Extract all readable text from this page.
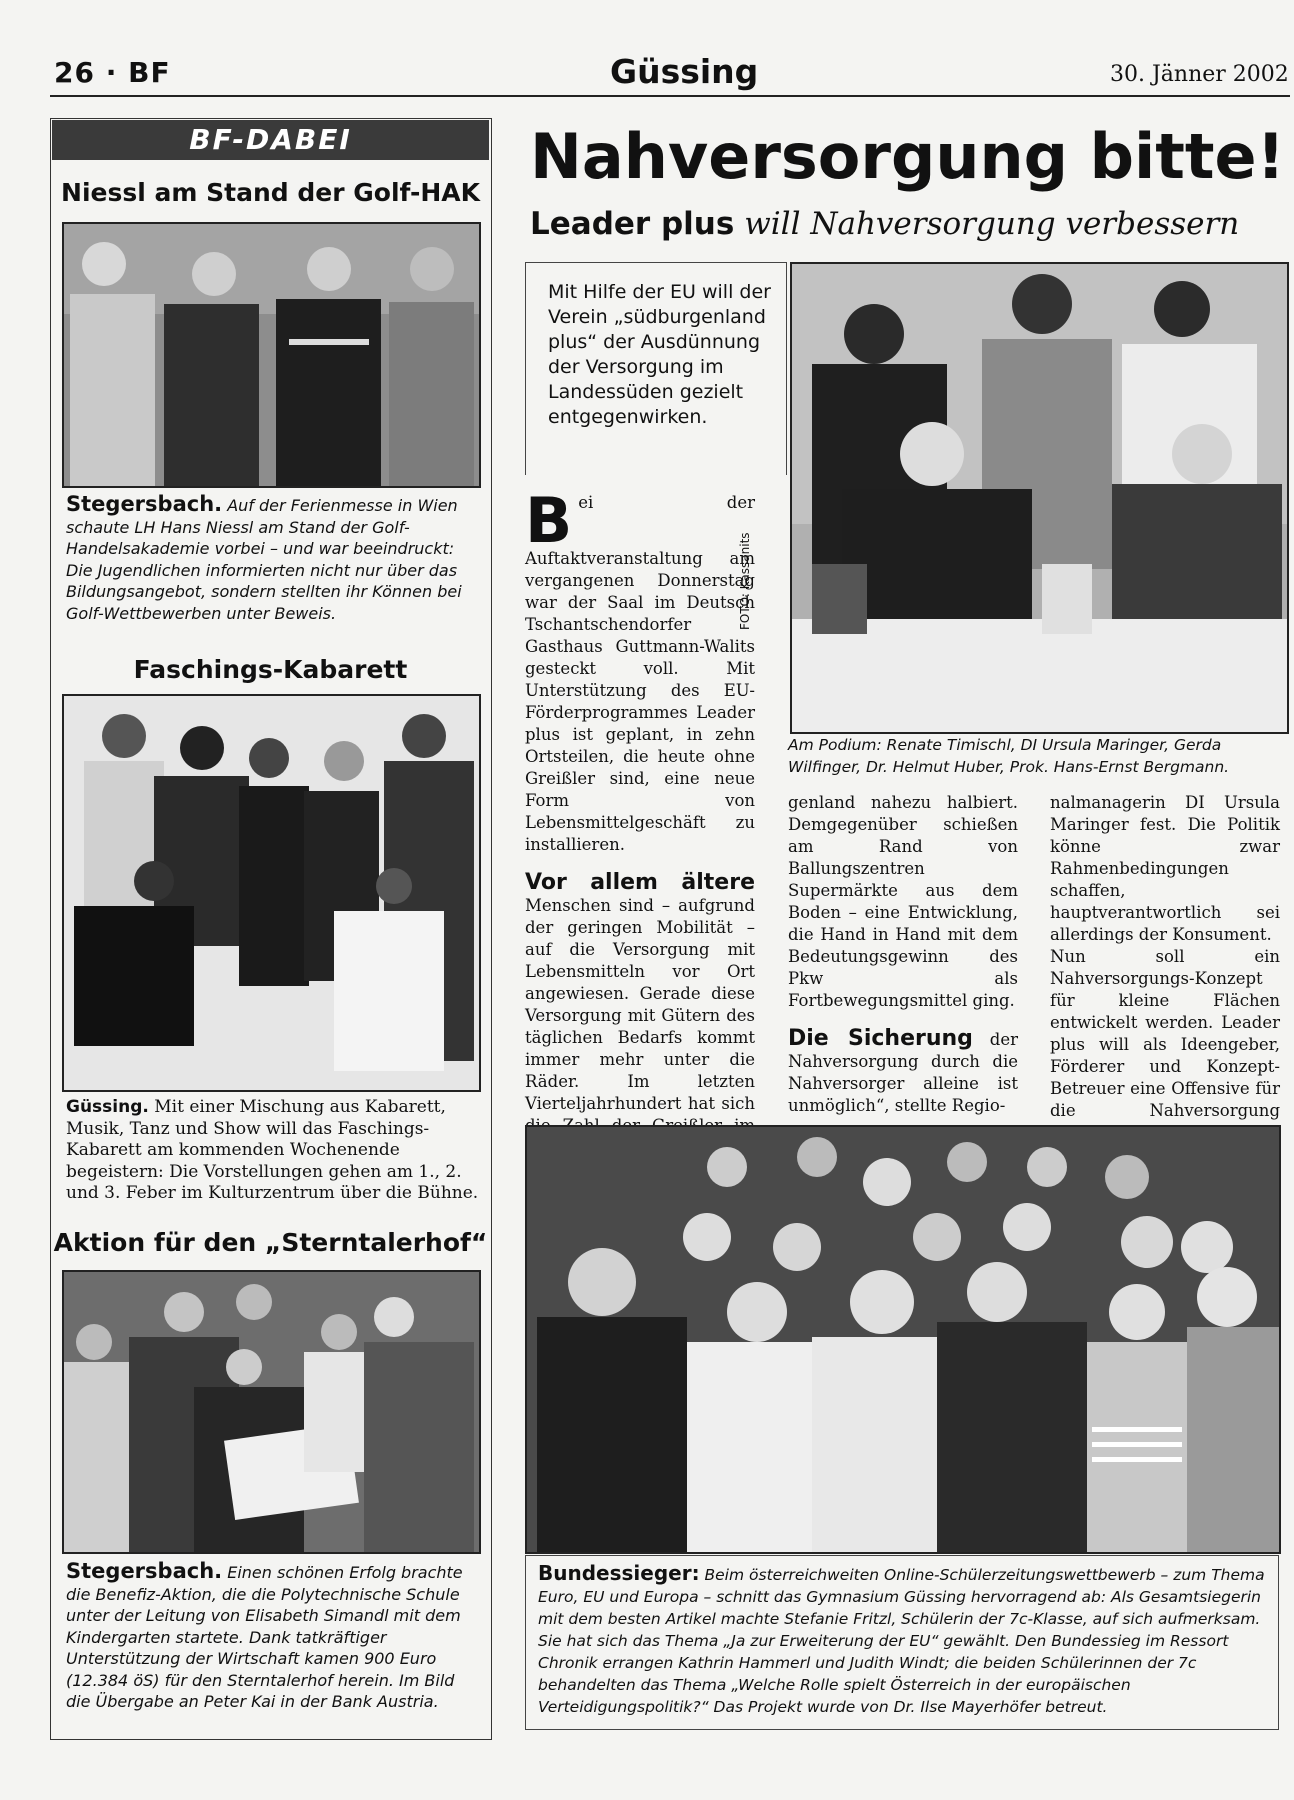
26 · BF	Güssing	30. Jänner 2002
BF-DABEI
Niessl am Stand der Golf-HAK
Stegersbach. Auf der Ferienmesse in Wien schaute LH Hans Niessl am Stand der Golf-Handelsakademie vorbei – und war beeindruckt: Die Jugendlichen informierten nicht nur über das Bildungsangebot, sondern stellten ihr Können bei Golf-Wettbewerben unter Beweis.
Faschings-Kabarett
Güssing. Mit einer Mischung aus Kabarett, Musik, Tanz und Show will das Faschings-Kabarett am kommenden Wochenende begeistern: Die Vorstellungen gehen am 1., 2. und 3. Feber im Kulturzentrum über die Bühne.
Aktion für den „Sterntalerhof“
Stegersbach. Einen schönen Erfolg brachte die Benefiz-Aktion, die die Polytechnische Schule unter der Leitung von Elisabeth Simandl mit dem Kindergarten startete. Dank tatkräftiger Unterstützung der Wirtschaft kamen 900 Euro (12.384 öS) für den Sterntalerhof herein. Im Bild die Übergabe an Peter Kai in der Bank Austria.
Nahversorgung bitte!
Leader plus will Nahversorgung verbessern
Mit Hilfe der EU will der Verein „südburgenland plus“ der Ausdünnung der Versorgung im Landessüden gezielt entgegenwirken.
FOTO: Kassanits
Am Podium: Renate Timischl, DI Ursula Maringer, Gerda Wilfinger, Dr. Helmut Huber, Prok. Hans-Ernst Bergmann.
B ei der Auftaktveranstaltung am vergangenen Donnerstag war der Saal im Deutsch Tschantschendorfer Gasthaus Guttmann-Walits gesteckt voll. Mit Unterstützung des EU-Förderprogrammes Leader plus ist geplant, in zehn Ortsteilen, die heute ohne Greißler sind, eine neue Form von Lebensmittelgeschäft zu installieren.
Vor allem ältere Menschen sind – aufgrund der geringen Mobilität – auf die Versorgung mit Lebensmitteln vor Ort angewiesen. Gerade diese Versorgung mit Gütern des täglichen Bedarfs kommt immer mehr unter die Räder. Im letzten Vierteljahrhundert hat sich
genland nahezu halbiert. Demgegenüber schießen am Rand von Ballungszentren Supermärkte aus dem Boden – eine Entwicklung, die Hand in Hand mit dem Bedeutungsgewinn des Pkw als Fortbewegungsmittel ging.
Die Sicherung der Nahversorgung durch die Nahversorger alleine ist unmöglich“, stellte Regio-
nalmanagerin DI Ursula Maringer fest. Die Politik könne zwar Rahmenbedingungen schaffen, hauptverantwortlich sei allerdings der Konsument.
Nun soll ein Nahversorgungs-Konzept für kleine Flächen entwickelt werden. Leader plus will als Ideengeber, Förderer und Konzept-Betreuer eine Offensive für die Nahversorgung
Bundessieger: Beim österreichweiten Online-Schülerzeitungswettbewerb – zum Thema Euro, EU und Europa – schnitt das Gymnasium Güssing hervorragend ab: Als Gesamtsiegerin mit dem besten Artikel machte Stefanie Fritzl, Schülerin der 7c-Klasse, auf sich aufmerksam. Sie hat sich das Thema „Ja zur Erweiterung der EU“ gewählt. Den Bundessieg im Ressort Chronik errangen Kathrin Hammerl und Judith Windt; die beiden Schülerinnen der 7c behandelten das Thema „Welche Rolle spielt Österreich in der europäischen Verteidigungspolitik?“ Das Projekt wurde von Dr. Ilse Mayerhöfer betreut.
